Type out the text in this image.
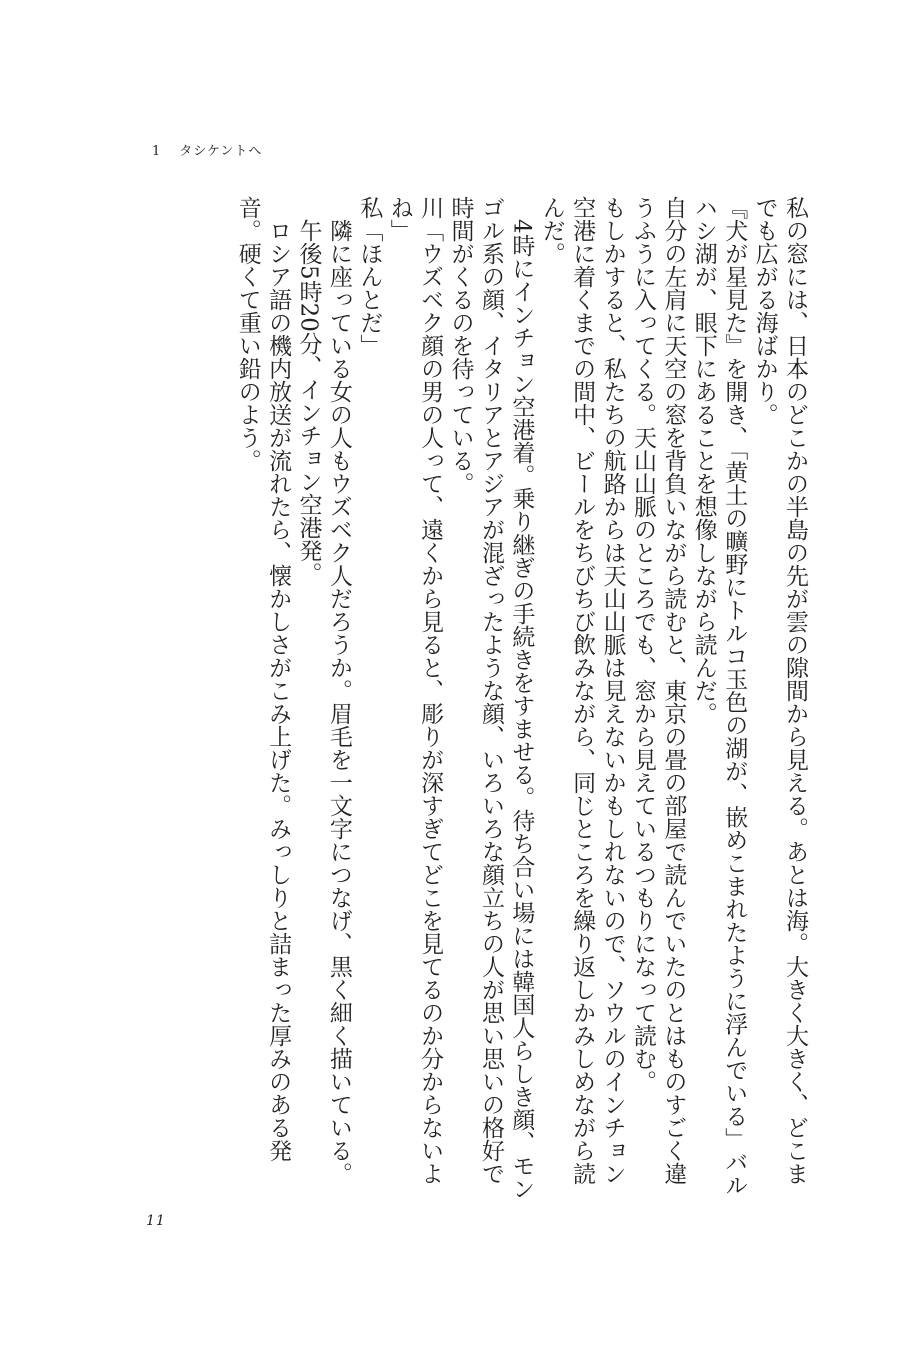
1 タシケントへ

私の窓には、日本のどこかの半島の先が雲の隙間から見える。あとは海。大きく大きく、どこまでも広がる海ばかり。

『犬が星見た』を開き、「黄土の曠野にトルコ玉色の湖が、嵌めこまれたように浮んでいる」バルハシ湖が、眼下にあることを想像しながら読んだ。

自分の左肩に天空の窓を背負いながら読むと、東京の畳の部屋で読んでいたのとはものすごく違うふうに入ってくる。天山山脈のところでも、窓から見えているつもりになって読む。

もしかすると、私たちの航路からは天山山脈は見えないかもしれないので、ソウルのインチョン空港に着くまでの間中、ビールをちびちび飲みながら、同じところを繰り返しかみしめながら読んだ。

4時にインチョン空港着。乗り継ぎの手続きをすませる。待ち合い場には韓国人らしき顔、モンゴル系の顔、イタリアとアジアが混ざったような顔、いろいろな顔立ちの人が思い思いの格好で時間がくるのを待っている。

川「ウズベク顔の男の人って、遠くから見ると、彫りが深すぎてどこを見てるのか分からないよね」

私「ほんとだ」

隣に座っている女の人もウズベク人だろうか。眉毛を一文字につなげ、黒く細く描いている。

午後5時20分、インチョン空港発。

ロシア語の機内放送が流れたら、懐かしさがこみ上げた。みっしりと詰まった厚みのある発音。硬くて重い鉛のよう。

11
